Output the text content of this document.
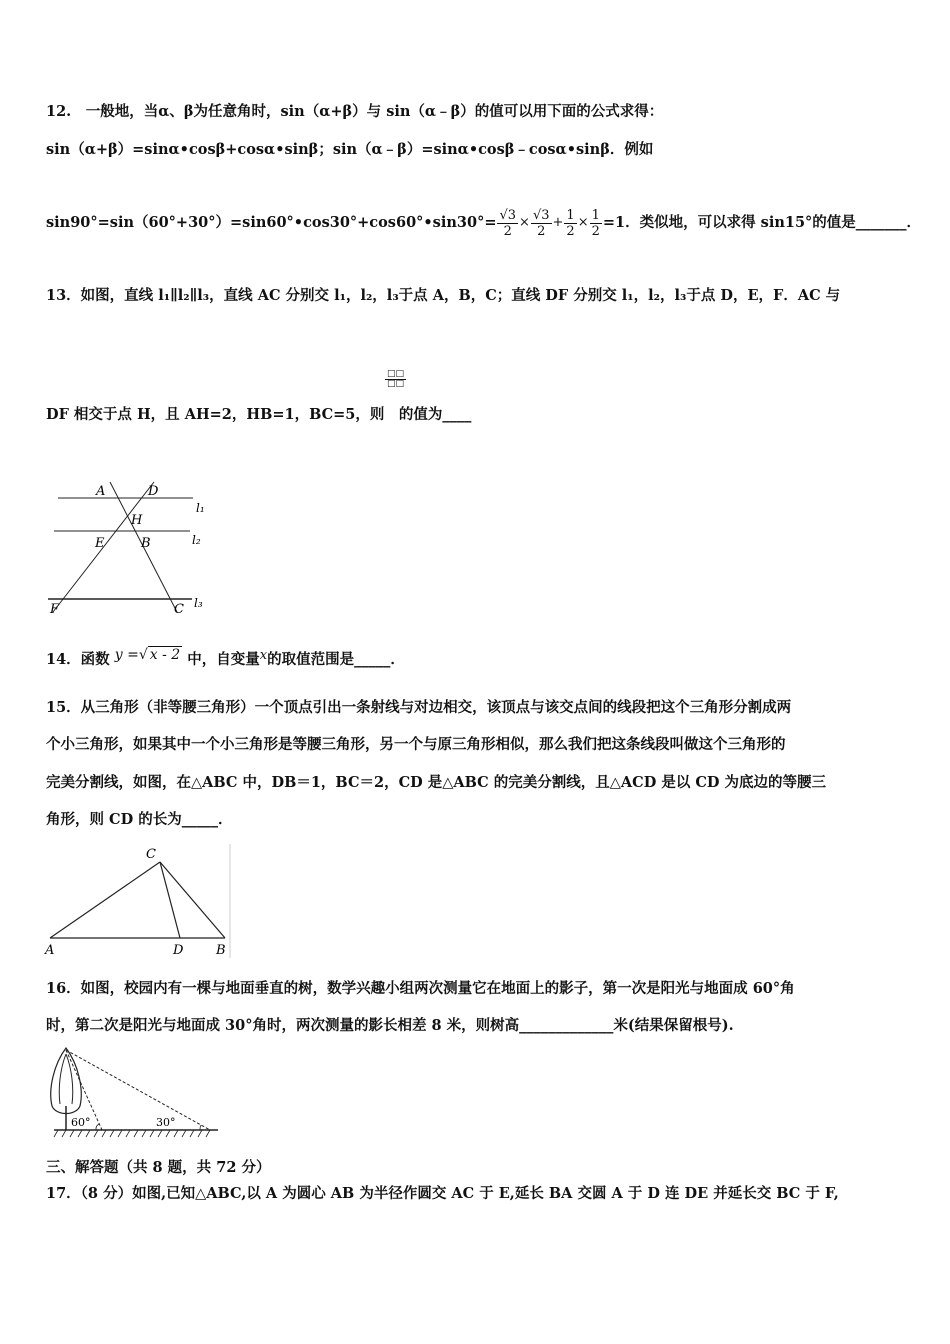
12.　一般地，当α、β为任意角时，sin（α+β）与 sin（α﹣β）的值可以用下面的公式求得：
sin（α+β）=sinα•cosβ+cosα•sinβ；sin（α﹣β）=sinα•cosβ﹣cosα•sinβ．例如
sin90°=sin（60°+30°）=sin60°•cos30°+cos60°•sin30°= $\frac{√3}{2} \times \frac{√3}{2} + \frac{1}{2} \times \frac{1}{2} =1$．类似地，可以求得 sin15°的值是_______．
13．如图，直线 l₁∥l₂∥l₃，直线 AC 分别交 l₁，l₂，l₃于点 A，B，C；直线 DF 分别交 l₁，l₂，l₃于点 D，E，F．AC 与
□□
□□
DF 相交于点 H，且 AH=2，HB=1，BC=5，则　的值为____
A	D
H
E	B
F	C
l₁
l₂
l₃
14．函数 y =√ x - 2 中，自变量x的取值范围是_____．
15．从三角形（非等腰三角形）一个顶点引出一条射线与对边相交，该顶点与该交点间的线段把这个三角形分割成两
个小三角形，如果其中一个小三角形是等腰三角形，另一个与原三角形相似，那么我们把这条线段叫做这个三角形的
完美分割线，如图，在△ABC 中，DB＝1，BC＝2，CD 是△ABC 的完美分割线，且△ACD 是以 CD 为底边的等腰三
角形，则 CD 的长为_____．
C
A	D	B
16．如图，校园内有一棵与地面垂直的树，数学兴趣小组两次测量它在地面上的影子，第一次是阳光与地面成 60°角
时，第二次是阳光与地面成 30°角时，两次测量的影长相差 8 米，则树高_____________米(结果保留根号).
60°	30°
三、解答题（共 8 题，共 72 分）
17．（8 分）如图,已知△ABC,以 A 为圆心 AB 为半径作圆交 AC 于 E,延长 BA 交圆 A 于 D 连 DE 并延长交 BC 于 F,
